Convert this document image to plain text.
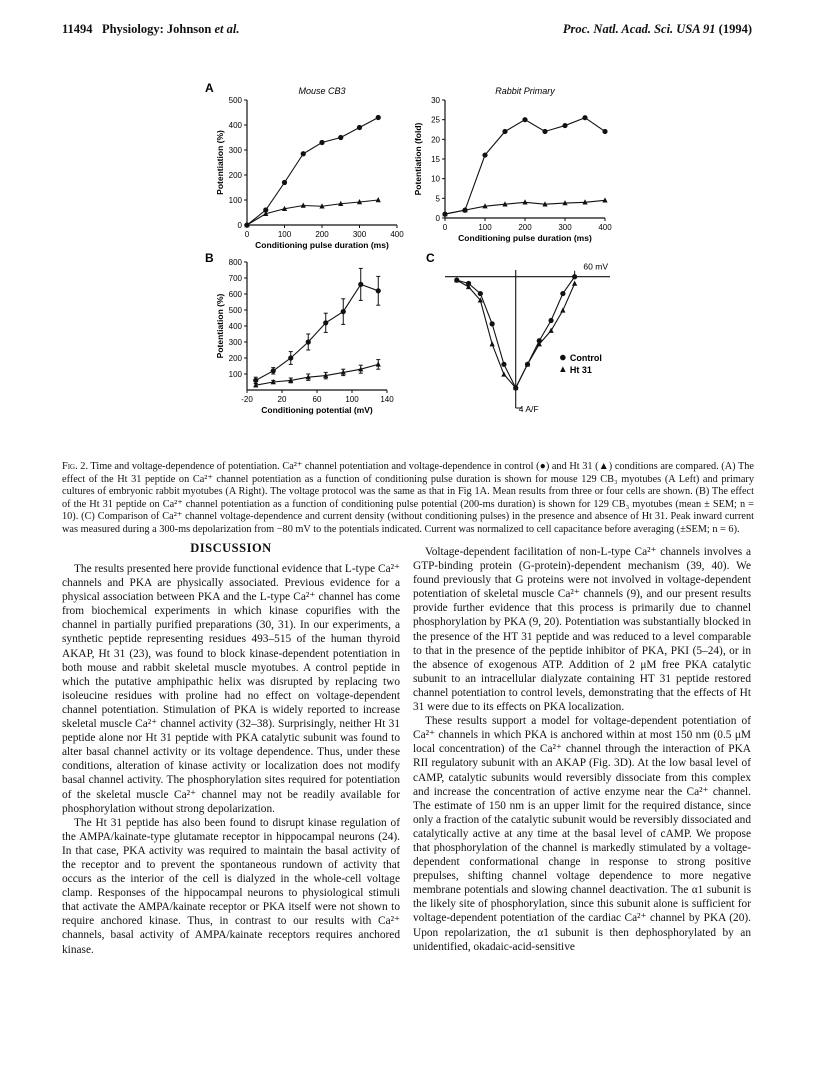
11494 Physiology: Johnson et al.	Proc. Natl. Acad. Sci. USA 91 (1994)
A
B	C
0
100
200
300
400
500
0	100	200	300	400
Mouse CB3
Conditioning pulse duration (ms)
Potentiation (%)
0
5
10
15
20
25
30
0	100	200	300	400
Rabbit Primary
Conditioning pulse duration (ms)
Potentiation (fold)
100
200
300
400
500
600
700
800
-20	20	60	100	140
Conditioning potential (mV)
Potentiation (%)
60 mV
4 A/F
Control
Ht 31
Fig. 2. Time and voltage-dependence of potentiation. Ca²⁺ channel potentiation and voltage-dependence in control (●) and Ht 31 (▲) conditions are compared. (A) The effect of the Ht 31 peptide on Ca²⁺ channel potentiation as a function of conditioning pulse duration is shown for mouse 129 CB₃ myotubes (A Left) and primary cultures of embryonic rabbit myotubes (A Right). The voltage protocol was the same as that in Fig 1A. Mean results from three or four cells are shown. (B) The effect of the Ht 31 peptide on Ca²⁺ channel potentiation as a function of conditioning pulse potential (200-ms duration) is shown for 129 CB₃ myotubes (mean ± SEM; n = 10). (C) Comparison of Ca²⁺ channel voltage-dependence and current density (without conditioning pulses) in the presence and absence of Ht 31. Peak inward current was measured during a 300-ms depolarization from −80 mV to the potentials indicated. Current was normalized to cell capacitance before averaging (±SEM; n = 6).
DISCUSSION

The results presented here provide functional evidence that L-type Ca²⁺ channels and PKA are physically associated. Previous evidence for a physical association between PKA and the L-type Ca²⁺ channel has come from biochemical experiments in which kinase copurifies with the channel in partially purified preparations (30, 31). In our experiments, a synthetic peptide representing residues 493–515 of the human thyroid AKAP, Ht 31 (23), was found to block kinase-dependent potentiation in both mouse and rabbit skeletal muscle myotubes. A control peptide in which the putative amphipathic helix was disrupted by replacing two isoleucine residues with proline had no effect on voltage-dependent channel potentiation. Stimulation of PKA is widely reported to increase skeletal muscle Ca²⁺ channel activity (32–38). Surprisingly, neither Ht 31 peptide alone nor Ht 31 peptide with PKA catalytic subunit was found to alter basal channel activity or its voltage dependence. Thus, under these conditions, alteration of kinase activity or localization does not modify basal channel activity. The phosphorylation sites required for potentiation of the skeletal muscle Ca²⁺ channel may not be readily available for phosphorylation without strong depolarization.

The Ht 31 peptide has also been found to disrupt kinase regulation of the AMPA/kainate-type glutamate receptor in hippocampal neurons (24). In that case, PKA activity was required to maintain the basal activity of the receptor and to prevent the spontaneous rundown of activity that occurs as the interior of the cell is dialyzed in the whole-cell voltage clamp. Responses of the hippocampal neurons to physiological stimuli that activate the AMPA/kainate receptor or PKA itself were not shown to require anchored kinase. Thus, in contrast to our results with Ca²⁺ channels, basal activity of AMPA/kainate receptors requires anchored kinase.

Voltage-dependent facilitation of non-L-type Ca²⁺ channels involves a GTP-binding protein (G-protein)-dependent mechanism (39, 40). We found previously that G proteins were not involved in voltage-dependent potentiation of skeletal muscle Ca²⁺ channels (9), and our present results provide further evidence that this process is primarily due to channel phosphorylation by PKA (9, 20). Potentiation was substantially blocked in the presence of the HT 31 peptide and was reduced to a level comparable to that in the presence of the peptide inhibitor of PKA, PKI (5–24), or in the absence of exogenous ATP. Addition of 2 μM free PKA catalytic subunit to an intracellular dialyzate containing HT 31 peptide restored channel potentiation to control levels, demonstrating that the effects of Ht 31 were due to its effects on PKA localization.

These results support a model for voltage-dependent potentiation of Ca²⁺ channels in which PKA is anchored within at most 150 nm (0.5 μM local concentration) of the Ca²⁺ channel through the interaction of PKA RII regulatory subunit with an AKAP (Fig. 3D). At the low basal level of cAMP, catalytic subunits would reversibly dissociate from this complex and increase the concentration of active enzyme near the Ca²⁺ channel. The estimate of 150 nm is an upper limit for the required distance, since only a fraction of the catalytic subunit would be reversibly dissociated and catalytically active at any time at the basal level of cAMP. We propose that phosphorylation of the channel is markedly stimulated by a voltage-dependent conformational change in response to strong positive prepulses, shifting channel voltage dependence to more negative membrane potentials and slowing channel deactivation. The α1 subunit is the likely site of phosphorylation, since this subunit alone is sufficient for voltage-dependent potentiation of the cardiac Ca²⁺ channel by PKA (20). Upon repolarization, the α1 subunit is then dephosphorylated by an unidentified, okadaic-acid-sensitive
